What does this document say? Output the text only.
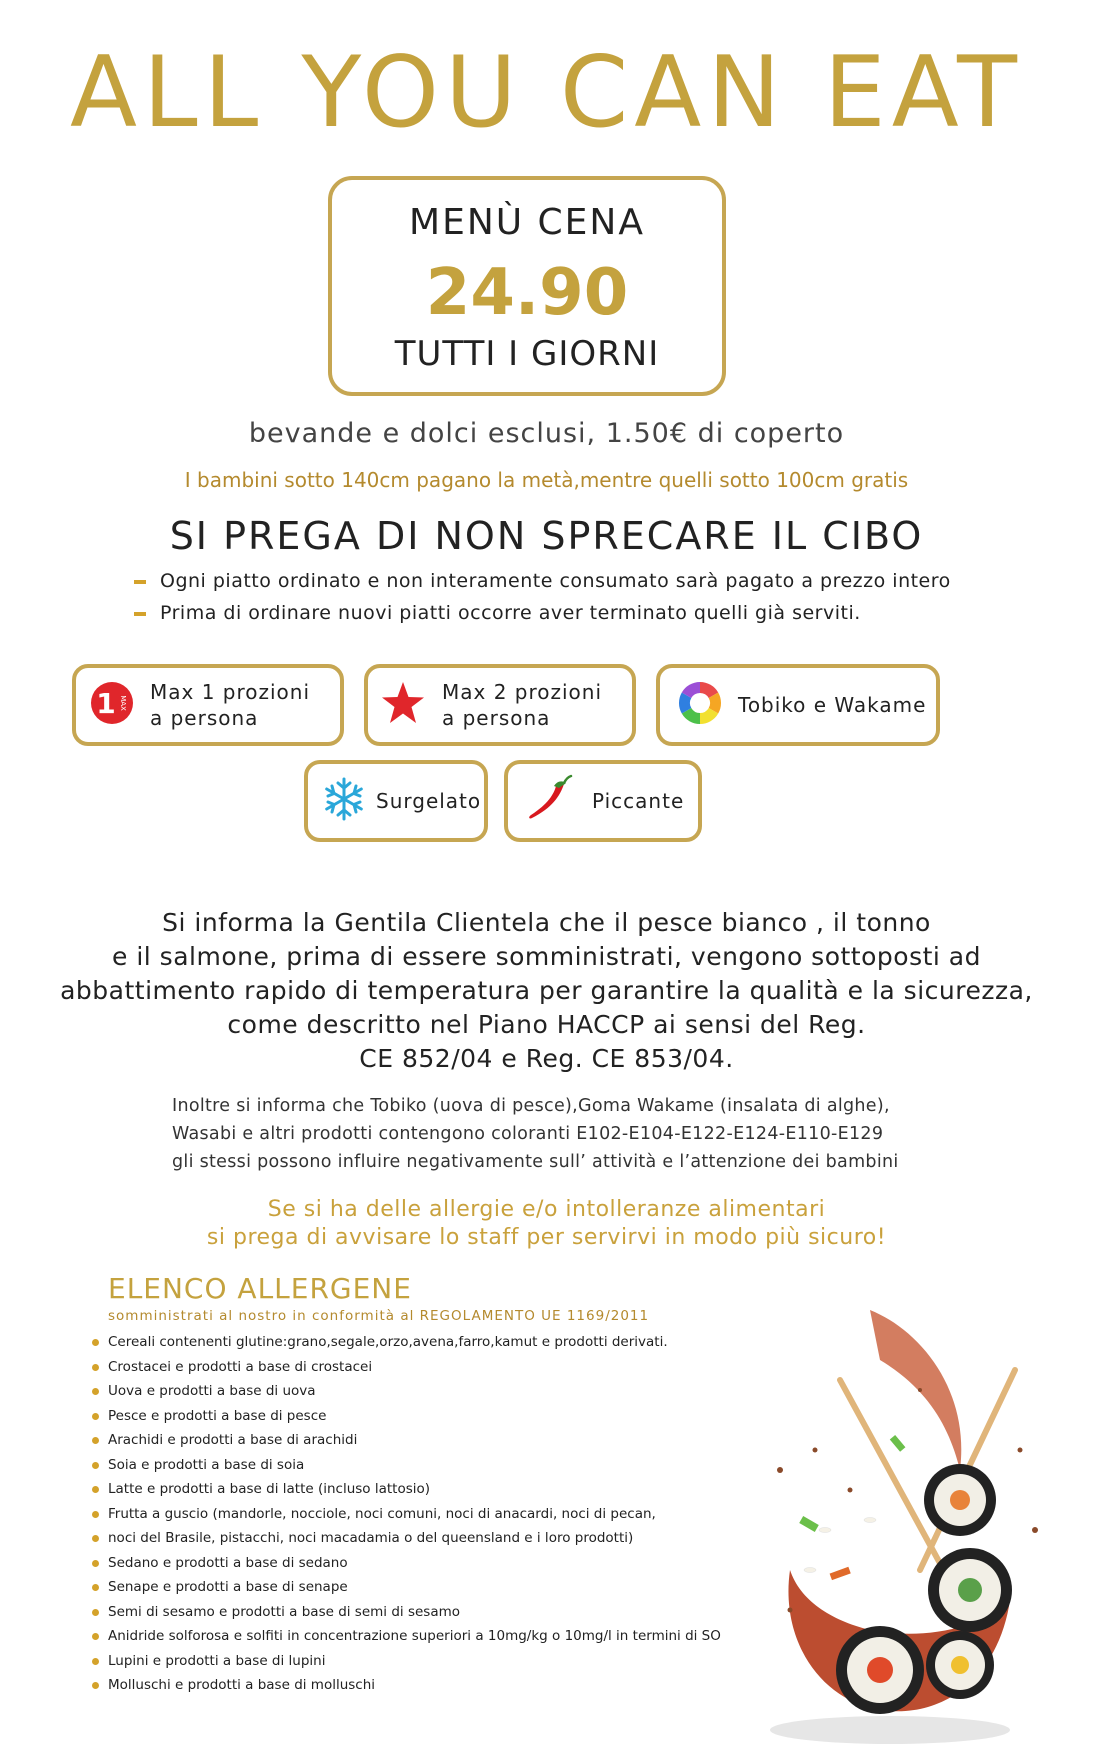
ALL YOU CAN EAT
MENÙ CENA
24.90
TUTTI I GIORNI
bevande e dolci esclusi, 1.50€ di coperto
I bambini sotto 140cm pagano la metà,mentre quelli sotto 100cm gratis
SI PREGA DI NON SPRECARE IL CIBO
Ogni piatto ordinato e non interamente consumato sarà pagato a prezzo intero
Prima di ordinare nuovi piatti occorre aver terminato quelli già serviti.
1 MAX Max 1 prozioni
a persona
Max 2 prozioni
a persona
Tobiko e Wakame
Surgelato	Piccante
Si informa la Gentila Clientela che il pesce bianco , il tonno
e il salmone, prima di essere somministrati, vengono sottoposti ad
abbattimento rapido di temperatura per garantire la qualità e la sicurezza,
come descritto nel Piano HACCP ai sensi del Reg.
CE 852/04 e Reg. CE 853/04.
Inoltre si informa che Tobiko (uova di pesce),Goma Wakame (insalata di alghe),
Wasabi e altri prodotti contengono coloranti E102-E104-E122-E124-E110-E129
gli stessi possono influire negativamente sull’ attività e l’attenzione dei bambini
Se si ha delle allergie e/o intolleranze alimentari
si prega di avvisare lo staff per servirvi in modo più sicuro!
ELENCO ALLERGENE
somministrati al nostro in conformità al REGOLAMENTO UE 1169/2011
Cereali contenenti glutine:grano,segale,orzo,avena,farro,kamut e prodotti derivati.
Crostacei e prodotti a base di crostacei
Uova e prodotti a base di uova
Pesce e prodotti a base di pesce
Arachidi e prodotti a base di arachidi
Soia e prodotti a base di soia
Latte e prodotti a base di latte (incluso lattosio)
Frutta a guscio (mandorle, nocciole, noci comuni, noci di anacardi, noci di pecan,
noci del Brasile, pistacchi, noci macadamia o del queensland e i loro prodotti)
Sedano e prodotti a base di sedano
Senape e prodotti a base di senape
Semi di sesamo e prodotti a base di semi di sesamo
Anidride solforosa e solfiti in concentrazione superiori a 10mg/kg o 10mg/l in termini di SO
Lupini e prodotti a base di lupini
Molluschi e prodotti a base di molluschi
